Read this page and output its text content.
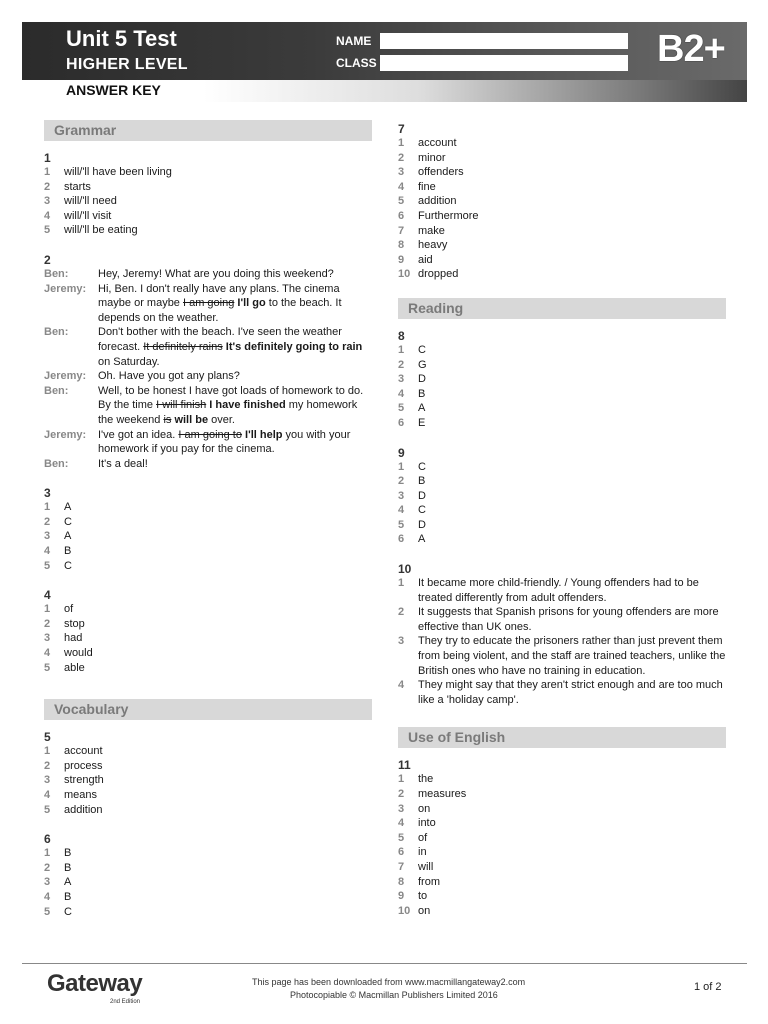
Unit 5 Test
HIGHER LEVEL
NAME
CLASS	B2+
ANSWER KEY
Grammar
1
1	will/'ll have been living
2	starts
3	will/'ll need
4	will/'ll visit
5	will/'ll be eating
2
Ben:	Hey, Jeremy! What are you doing this weekend?
Jeremy:	Hi, Ben. I don't really have any plans. The cinema maybe or maybe I am going I'll go to the beach. It depends on the weather.
Ben:	Don't bother with the beach. I've seen the weather forecast. It definitely rains It's definitely going to rain on Saturday.
Jeremy:	Oh. Have you got any plans?
Ben:	Well, to be honest I have got loads of homework to do. By the time I will finish I have finished my homework the weekend is will be over.
Jeremy:	I've got an idea. I am going to I'll help you with your homework if you pay for the cinema.
Ben:	It's a deal!
3
1	A
2	C
3	A
4	B
5	C
4
1	of
2	stop
3	had
4	would
5	able
Vocabulary
5
1	account
2	process
3	strength
4	means
5	addition
6
1	B
2	B
3	A
4	B
5	C
7
1	account
2	minor
3	offenders
4	fine
5	addition
6	Furthermore
7	make
8	heavy
9	aid
10 dropped
Reading
8
1	C
2	G
3	D
4	B
5	A
6	E
9
1	C
2	B
3	D
4	C
5	D
6	A
10
1	It became more child-friendly. / Young offenders had to be treated differently from adult offenders.
2	It suggests that Spanish prisons for young offenders are more effective than UK ones.
3	They try to educate the prisoners rather than just prevent them from being violent, and the staff are trained teachers, unlike the British ones who have no training in education.
4	They might say that they aren't strict enough and are too much like a 'holiday camp'.
Use of English
11
1	the
2	measures
3	on
4	into
5	of
6	in
7	will
8	from
9	to
10 on
Gateway
2nd Edition
This page has been downloaded from www.macmillangateway2.com
Photocopiable © Macmillan Publishers Limited 2016
1 of 2
